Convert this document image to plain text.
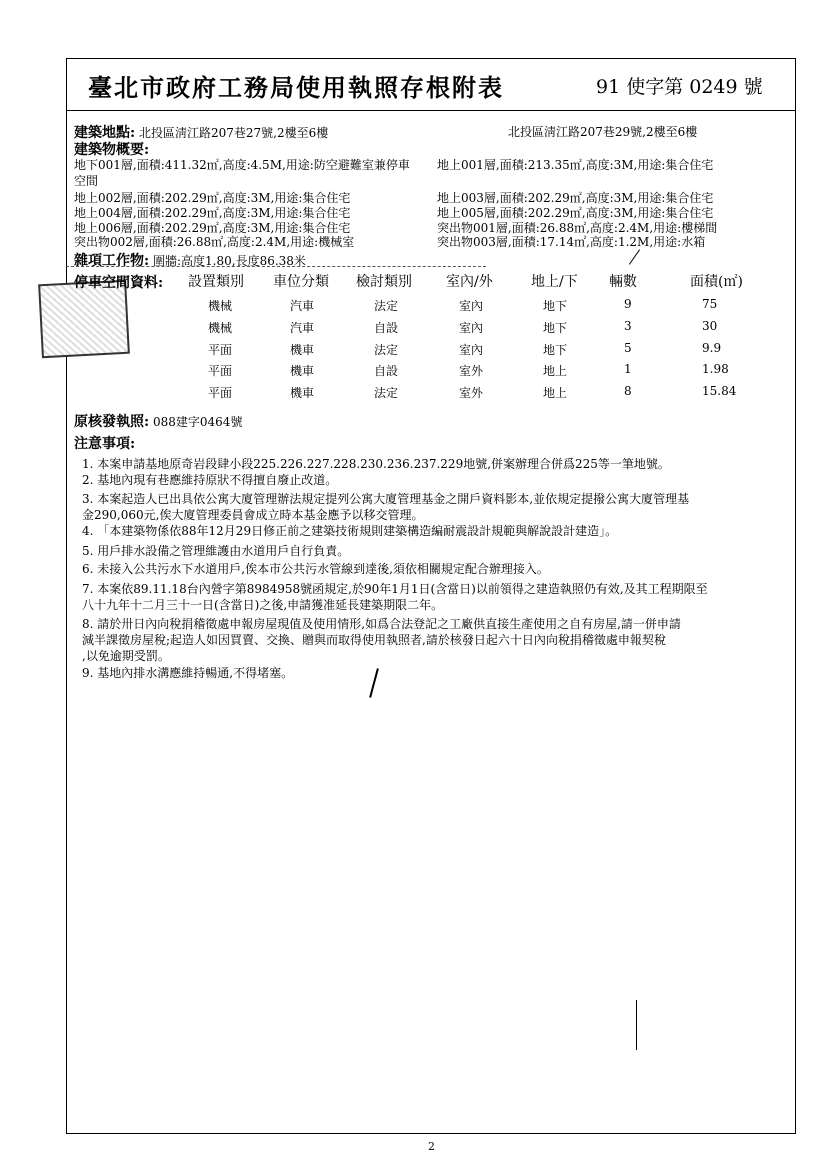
臺北市政府工務局使用執照存根附表	91 使字第 0249 號
建築地點: 北投區淸江路207巷27號,2樓至6樓	北投區淸江路207巷29號,2樓至6樓
建築物概要:
地下001層,面積:411.32㎡,高度:4.5M,用途:防空避難室兼停車 地上001層,面積:213.35㎡,高度:3M,用途:集合住宅
空間
地上002層,面積:202.29㎡,高度:3M,用途:集合住宅	地上003層,面積:202.29㎡,高度:3M,用途:集合住宅
地上004層,面積:202.29㎡,高度:3M,用途:集合住宅	地上005層,面積:202.29㎡,高度:3M,用途:集合住宅
地上006層,面積:202.29㎡,高度:3M,用途:集合住宅	突出物001層,面積:26.88㎡,高度:2.4M,用途:樓梯間
突出物002層,面積:26.88㎡,高度:2.4M,用途:機械室	突出物003層,面積:17.14㎡,高度:1.2M,用途:水箱
雜項工作物: 圍牆:高度1.80,長度86.38米
停車空間資料: 設置類別 車位分類 檢討類別 室內/外	地上/下 輛數	面積(㎡)
機械	汽車	法定	室內	地下	9	75
機械	汽車	自設	室內	地下	3	30
平面	機車	法定	室內	地下	5	9.9
平面	機車	自設	室外	地上	1	1.98
平面	機車	法定	室外	地上	8	15.84
原核發執照: 088建字0464號
注意事項:
1. 本案申請基地原奇岩段肆小段225.226.227.228.230.236.237.229地號,併案辦理合併爲225等一筆地號。
2. 基地內現有巷應維持原狀不得擅自廢止改道。
3. 本案起造人已出具依公寓大廈管理辦法規定提列公寓大廈管理基金之開戶資料影本,並依規定提撥公寓大廈管理基
金290,060元,俟大廈管理委員會成立時本基金應予以移交管理。
4. 「本建築物係依88年12月29日修正前之建築技術規則建築構造編耐震設計規範與解說設計建造」。
5. 用戶排水設備之管理維護由水道用戶自行負責。
6. 未接入公共污水下水道用戶,俟本市公共污水管線到達後,須依相關規定配合辦理接入。
7. 本案依89.11.18台內營字第8984958號函規定,於90年1月1日(含當日)以前領得之建造執照仍有效,及其工程期限至
八十九年十二月三十一日(含當日)之後,申請獲准延長建築期限二年。
8. 請於卅日內向稅捐稽徵處申報房屋現值及使用情形,如爲合法登記之工廠供直接生產使用之自有房屋,請一併申請
減半課徵房屋稅;起造人如因買賣、交換、贈與而取得使用執照者,請於核發日起六十日內向稅捐稽徵處申報契稅
,以免逾期受罰。
9. 基地內排水溝應維持暢通,不得堵塞。
2
